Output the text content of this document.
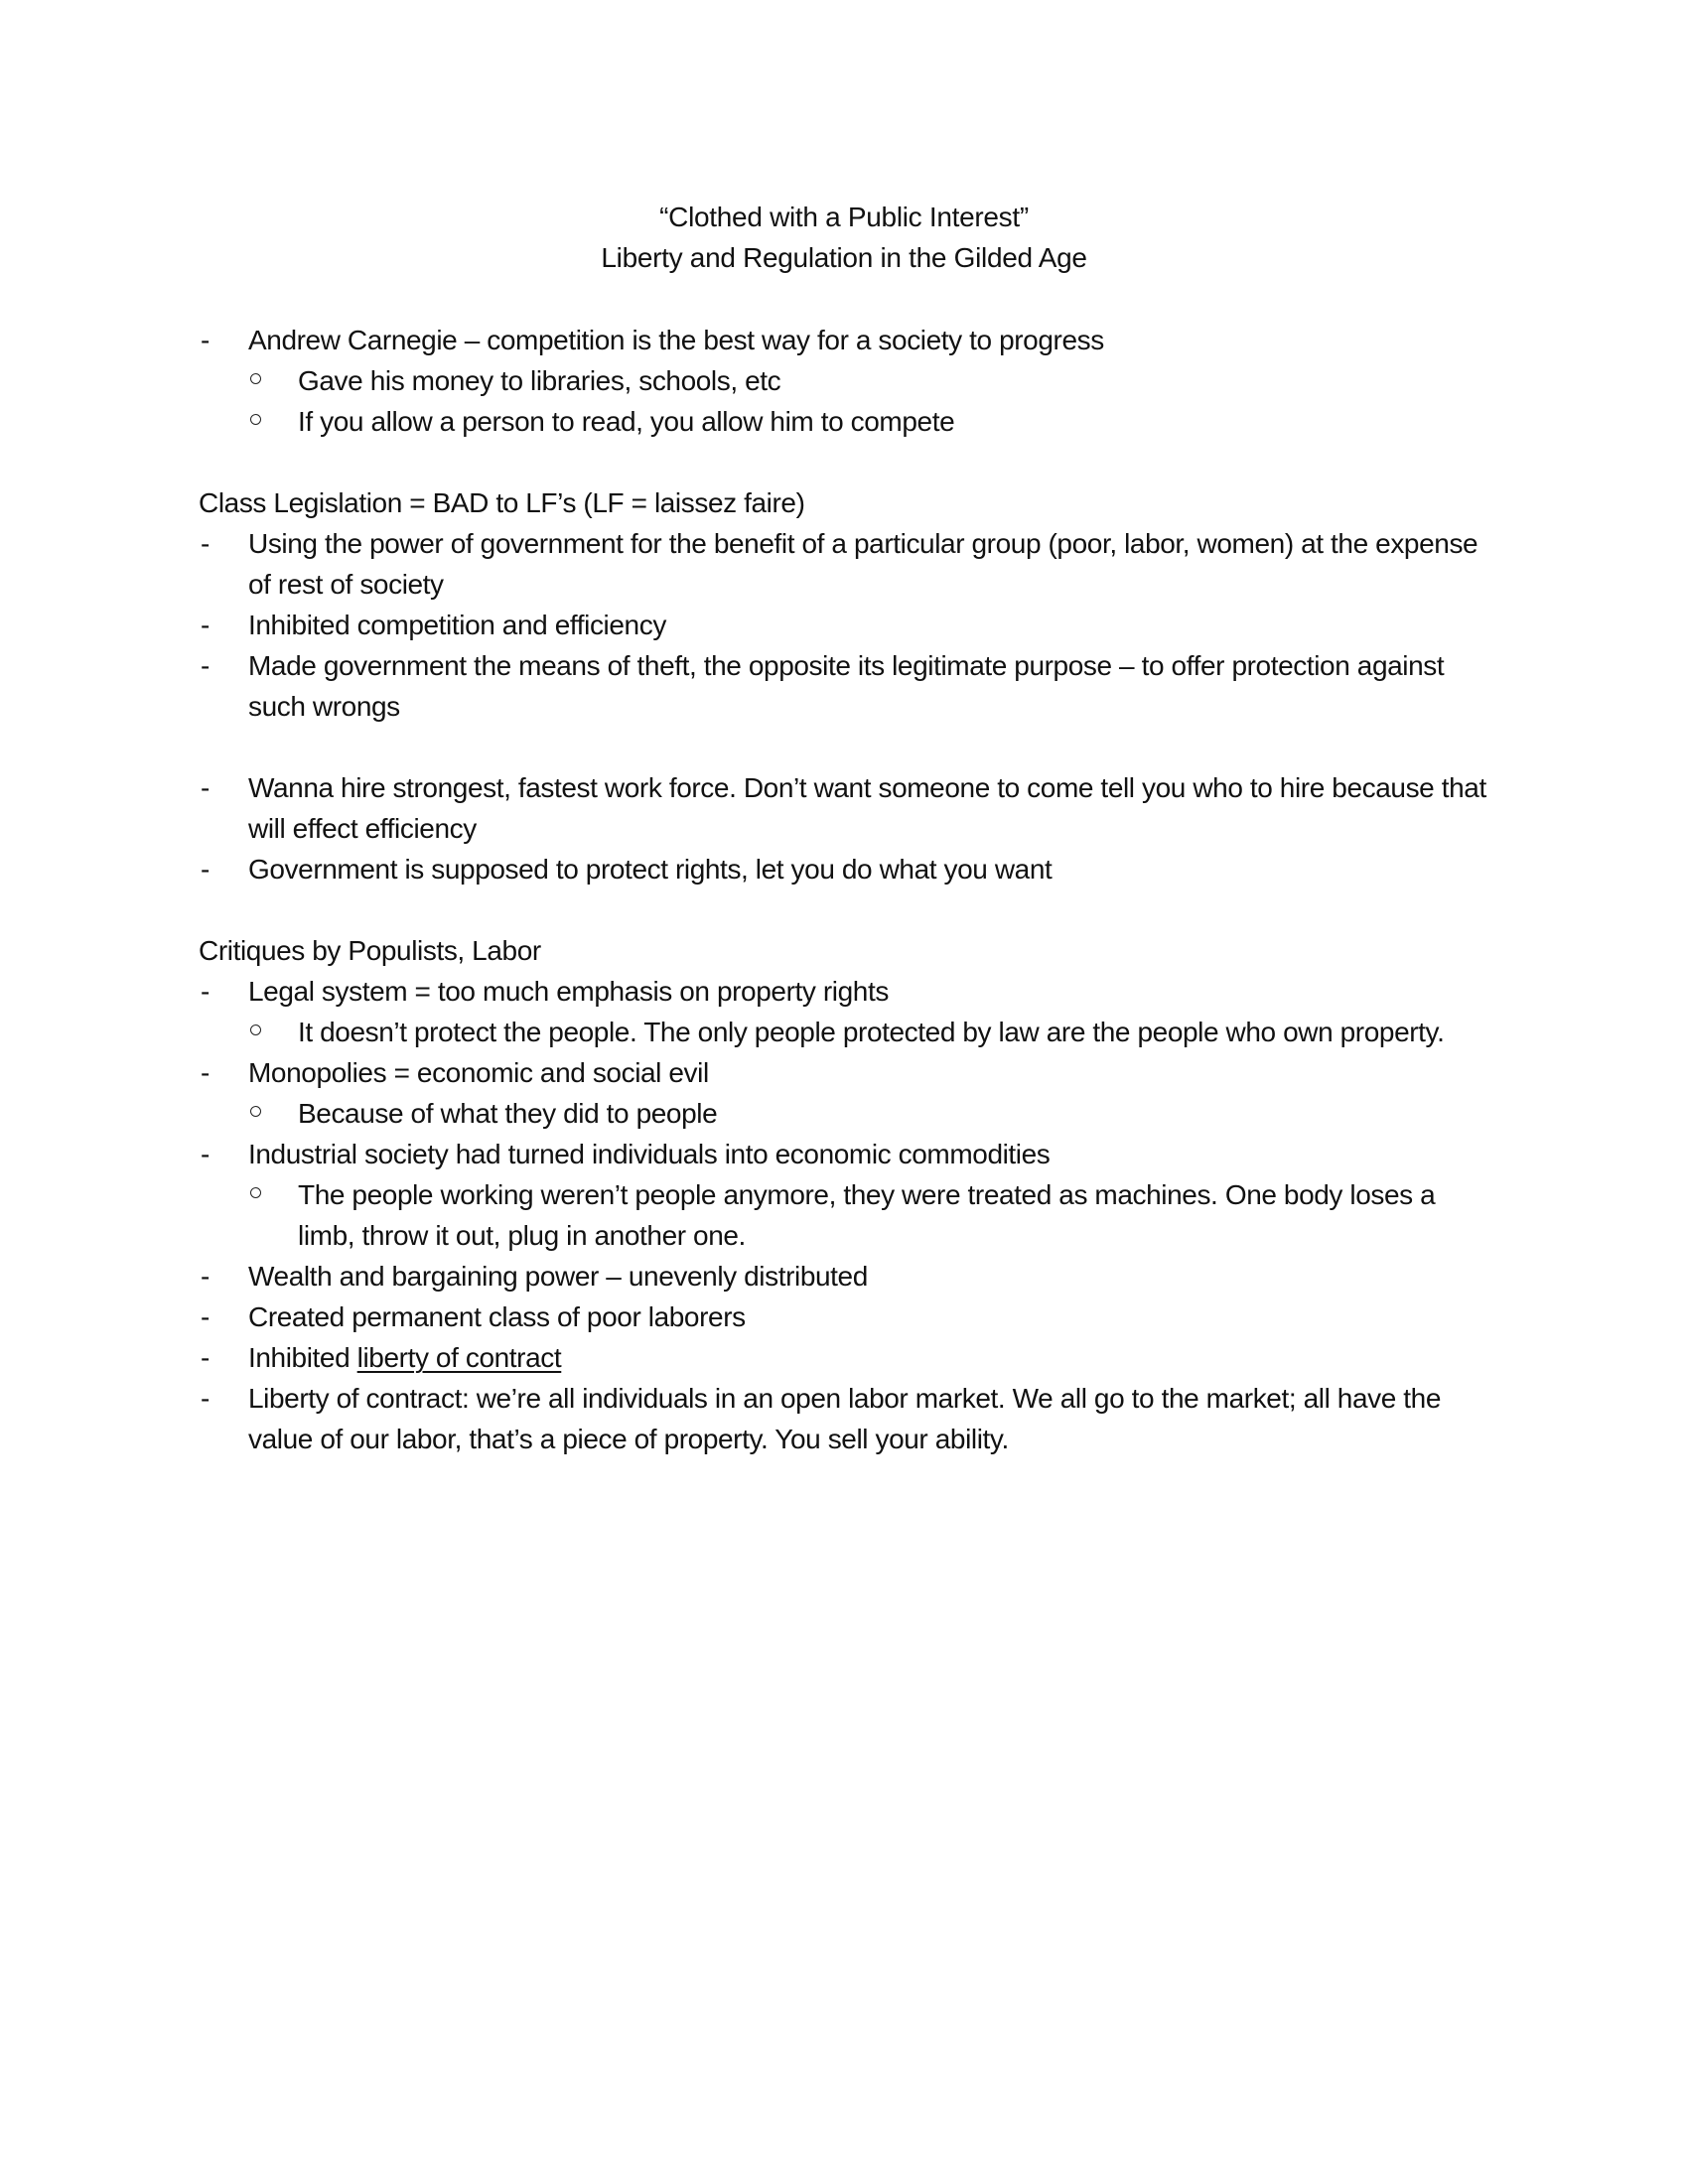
“Clothed with a Public Interest”
Liberty and Regulation in the Gilded Age
-	Andrew Carnegie – competition is the best way for a society to progress
Gave his money to libraries, schools, etc
If you allow a person to read, you allow him to compete
Class Legislation = BAD to LF’s (LF = laissez faire)
-	Using the power of government for the benefit of a particular group (poor, labor, women) at the expense of rest of society
-	Inhibited competition and efficiency
-	Made government the means of theft, the opposite its legitimate purpose – to offer protection against such wrongs
-	Wanna hire strongest, fastest work force. Don’t want someone to come tell you who to hire because that will effect efficiency
-	Government is supposed to protect rights, let you do what you want
Critiques by Populists, Labor
-	Legal system = too much emphasis on property rights
It doesn’t protect the people. The only people protected by law are the people who own property.
-	Monopolies = economic and social evil
Because of what they did to people
-	Industrial society had turned individuals into economic commodities
The people working weren’t people anymore, they were treated as machines. One body loses a limb, throw it out, plug in another one.
-	Wealth and bargaining power – unevenly distributed
-	Created permanent class of poor laborers
-	Inhibited liberty of contract
-	Liberty of contract: we’re all individuals in an open labor market. We all go to the market; all have the value of our labor, that’s a piece of property. You sell your ability.
